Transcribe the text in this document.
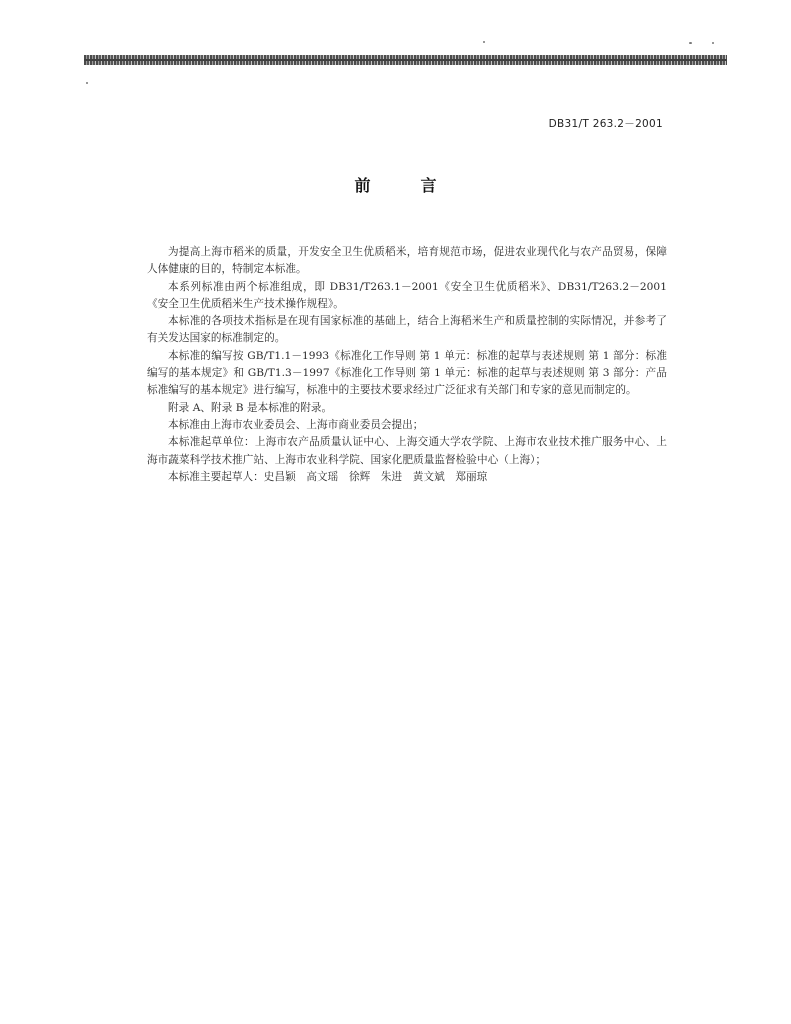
DB31/T 263.2－2001
前言

为提高上海市稻米的质量，开发安全卫生优质稻米，培育规范市场，促进农业现代化与农产品贸易，保障人体健康的目的，特制定本标准。

本系列标准由两个标准组成，即 DB31/T263.1－2001《安全卫生优质稻米》、DB31/T263.2－2001《安全卫生优质稻米生产技术操作规程》。

本标准的各项技术指标是在现有国家标准的基础上，结合上海稻米生产和质量控制的实际情况，并参考了有关发达国家的标准制定的。

本标准的编写按 GB/T1.1－1993《标准化工作导则 第 1 单元：标准的起草与表述规则 第 1 部分：标准编写的基本规定》和 GB/T1.3－1997《标准化工作导则 第 1 单元：标准的起草与表述规则 第 3 部分：产品标准编写的基本规定》进行编写，标准中的主要技术要求经过广泛征求有关部门和专家的意见而制定的。

附录 A、附录 B 是本标准的附录。

本标准由上海市农业委员会、上海市商业委员会提出；

本标准起草单位：上海市农产品质量认证中心、上海交通大学农学院、上海市农业技术推广服务中心、上海市蔬菜科学技术推广站、上海市农业科学院、国家化肥质量监督检验中心（上海）；

本标准主要起草人：史昌颖　高文瑶　徐辉　朱进　黄文斌　郑丽琼
